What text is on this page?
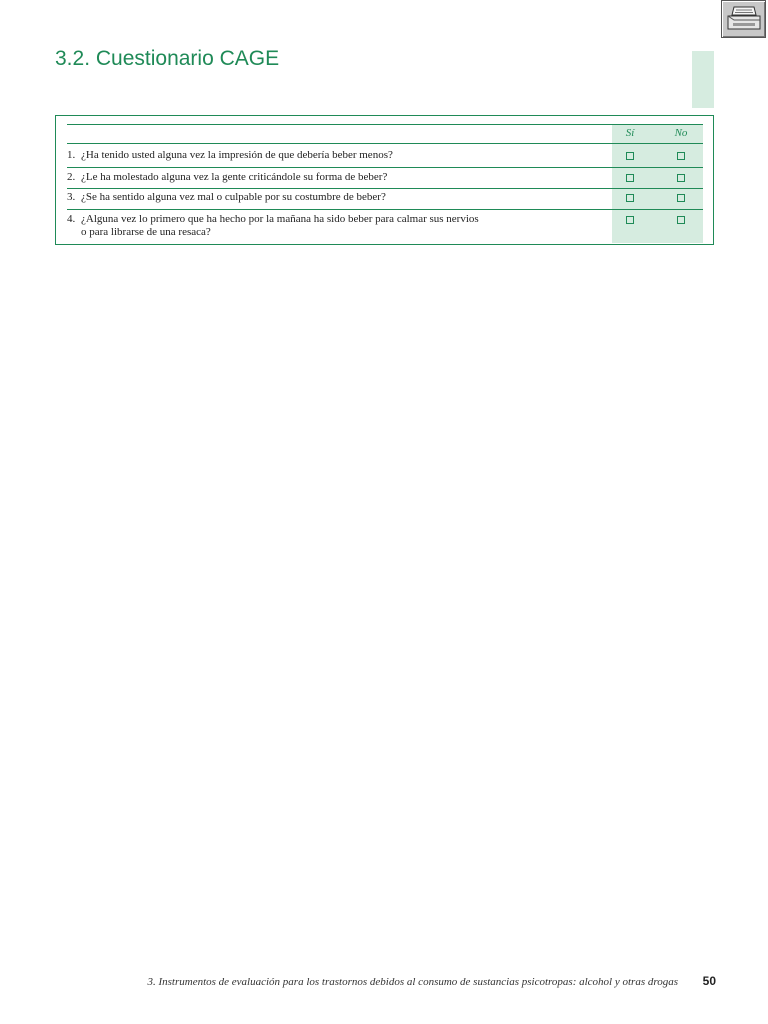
3.2. Cuestionario CAGE
Sí	No
1. ¿Ha tenido usted alguna vez la impresión de que debería beber menos?
2. ¿Le ha molestado alguna vez la gente criticándole su forma de beber?
3. ¿Se ha sentido alguna vez mal o culpable por su costumbre de beber?
4. ¿Alguna vez lo primero que ha hecho por la mañana ha sido beber para calmar sus nervios o para librarse de una resaca?
3. Instrumentos de evaluación para los trastornos debidos al consumo de sustancias psicotropas: alcohol y otras drogas	50
